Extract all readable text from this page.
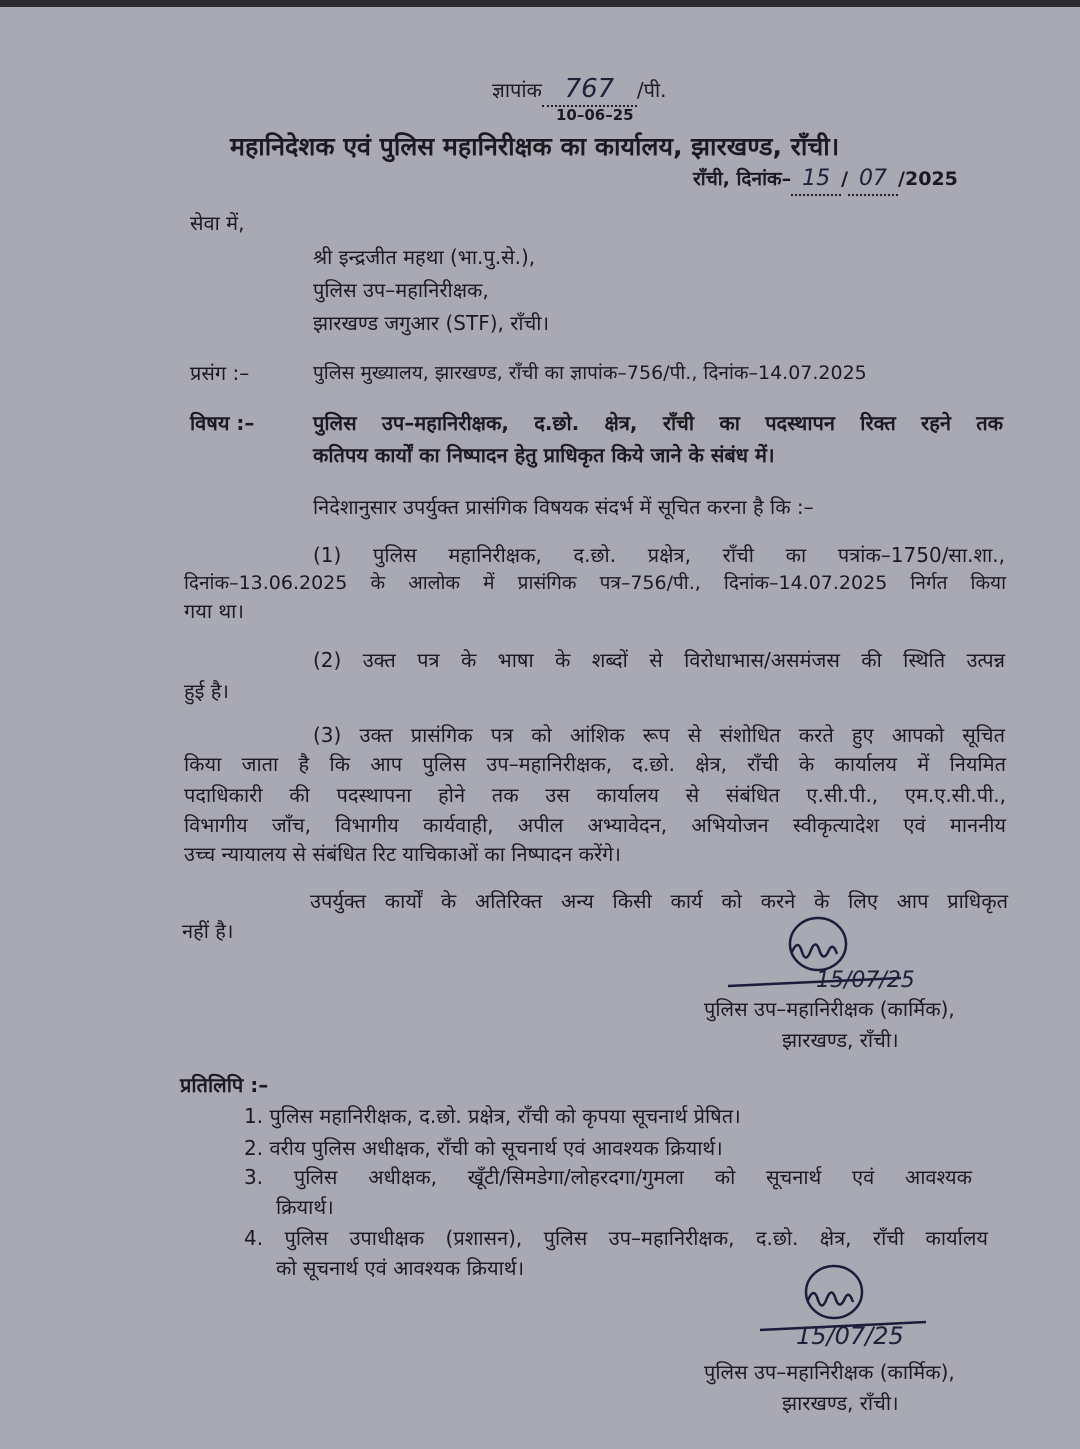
ज्ञापांक 767 /पी.
10–06–25
महानिदेशक एवं पुलिस महानिरीक्षक का कार्यालय, झारखण्ड, राँची।
राँची, दिनांक– 15 / 07 /2025
सेवा में,
श्री इन्द्रजीत महथा (भा.पु.से.),
पुलिस उप–महानिरीक्षक,
झारखण्ड जगुआर (STF), राँची।
प्रसंग :–	पुलिस मुख्यालय, झारखण्ड, राँची का ज्ञापांक–756/पी., दिनांक–14.07.2025
विषय :–	पुलिस उप–महानिरीक्षक, द.छो. क्षेत्र, राँची का पदस्थापन रिक्त रहने तक
कतिपय कार्यों का निष्पादन हेतु प्राधिकृत किये जाने के संबंध में।
निदेशानुसार उपर्युक्त प्रासंगिक विषयक संदर्भ में सूचित करना है कि :–
(1) पुलिस महानिरीक्षक, द.छो. प्रक्षेत्र, राँची का पत्रांक–1750/सा.शा.,
दिनांक–13.06.2025 के आलोक में प्रासंगिक पत्र–756/पी., दिनांक–14.07.2025 निर्गत किया
गया था।
(2) उक्त पत्र के भाषा के शब्दों से विरोधाभास/असमंजस की स्थिति उत्पन्न
हुई है।
(3) उक्त प्रासंगिक पत्र को आंशिक रूप से संशोधित करते हुए आपको सूचित
किया जाता है कि आप पुलिस उप–महानिरीक्षक, द.छो. क्षेत्र, राँची के कार्यालय में नियमित
पदाधिकारी की पदस्थापना होने तक उस कार्यालय से संबंधित ए.सी.पी., एम.ए.सी.पी.,
विभागीय जाँच, विभागीय कार्यवाही, अपील अभ्यावेदन, अभियोजन स्वीकृत्यादेश एवं माननीय
उच्च न्यायालय से संबंधित रिट याचिकाओं का निष्पादन करेंगे।
उपर्युक्त कार्यों के अतिरिक्त अन्य किसी कार्य को करने के लिए आप प्राधिकृत
नहीं है।
15/07/25
पुलिस उप–महानिरीक्षक (कार्मिक),
झारखण्ड, राँची।
प्रतिलिपि :–
1. पुलिस महानिरीक्षक, द.छो. प्रक्षेत्र, राँची को कृपया सूचनार्थ प्रेषित।
2. वरीय पुलिस अधीक्षक, राँची को सूचनार्थ एवं आवश्यक क्रियार्थ।
3. पुलिस अधीक्षक, खूँटी/सिमडेगा/लोहरदगा/गुमला को सूचनार्थ एवं आवश्यक
क्रियार्थ।
4. पुलिस उपाधीक्षक (प्रशासन), पुलिस उप–महानिरीक्षक, द.छो. क्षेत्र, राँची कार्यालय
को सूचनार्थ एवं आवश्यक क्रियार्थ।
15/07/25
पुलिस उप–महानिरीक्षक (कार्मिक),
झारखण्ड, राँची।
